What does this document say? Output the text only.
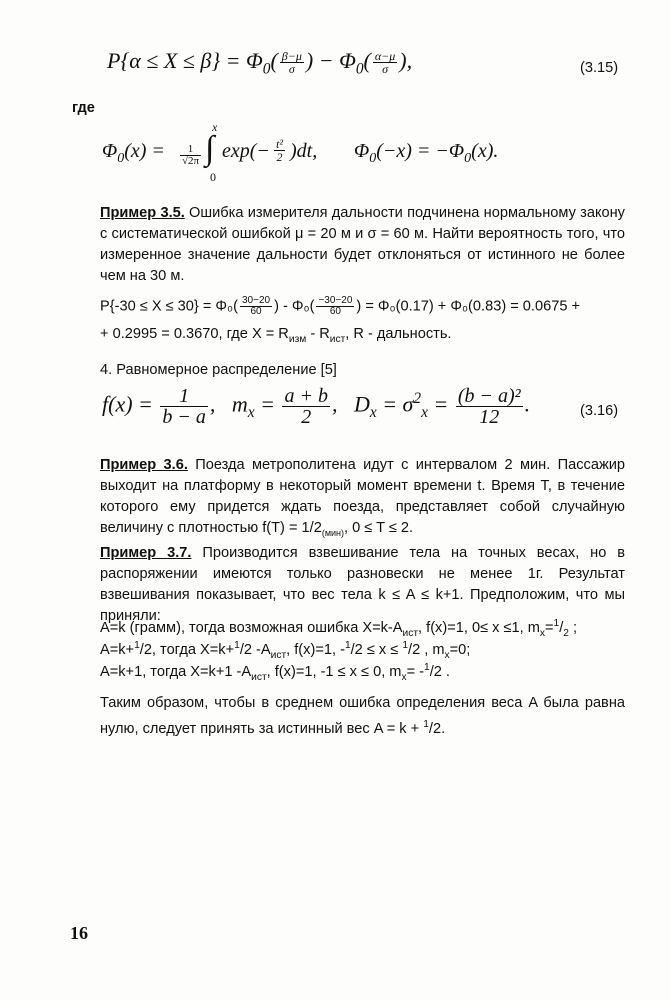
$P\{\alpha \le X \le \beta\} = \Phi_0( \frac{\beta-\mu}{\sigma}$ ) − $\Phi_0( \frac{\alpha-\mu}{\sigma}$ ),	(3.15)
где
$\Phi_0(x) = \frac{1}{√2\pi}$
x
∫
0
$\exp(- \frac{\text{t²}}{2} )dt$, $\Phi_0(-x) = -\Phi_0(x)$.
Пример 3.5. Ошибка измерителя дальности подчинена нормальному закону с систематической ошибкой μ = 20 м и σ = 60 м. Найти вероятность того, что измеренное значение дальности будет отклоняться от истинного не более чем на 30 м.
$P\{-30 \le X \le 30\} = \Phi_0( \frac{30-20}{60}$ ) - $\Phi_0( \frac{-30-20}{60}$ ) = Φ₀(0.17) + Φ₀(0.83) = 0.0675 +
+ 0.2995 = 0.3670, где $X = R_{изм} - R_{ист}$, R - дальность.
4. Равномерное распределение [5]
$f(x) = \frac{1}{b - a}$ , $m_x = \frac{a + b}{2}$ , $D_x = \sigma^2_x = \frac{\text{(b − a)²}}{12}$ .	(3.16)
Пример 3.6. Поезда метрополитена идут с интервалом 2 мин. Пассажир выходит на платформу в некоторый момент времени t. Время T, в течение которого ему придется ждать поезда, представляет собой случайную величину с плотностью $f(T) = 1/2_{(мин)}$, 0 ≤ T ≤ 2.
Пример 3.7. Производится взвешивание тела на точных весах, но в распоряжении имеются только разновески не менее 1г. Результат взвешивания показывает, что вес тела k ≤ A ≤ k+1. Предположим, что мы приняли:
A=k (грамм), тогда возможная ошибка $X=k-A_{ист}$, f(x)=1, 0≤ x ≤1, $m_x=^1/_2$ ;
A=k+$^1$/2, тогда X=k+$^1$/2 $-A_{ист}$, f(x)=1, -$^1$/2 ≤ x ≤ $^1$/2 , $m_x=0$;
A=k+1, тогда X=k+1 $-A_{ист}$, f(x)=1, -1 ≤ x ≤ 0, $m_x= -^1/2$ .
Таким образом, чтобы в среднем ошибка определения веса A была равна нулю, следует принять за истинный вес A = k + $^1$/2.
16
